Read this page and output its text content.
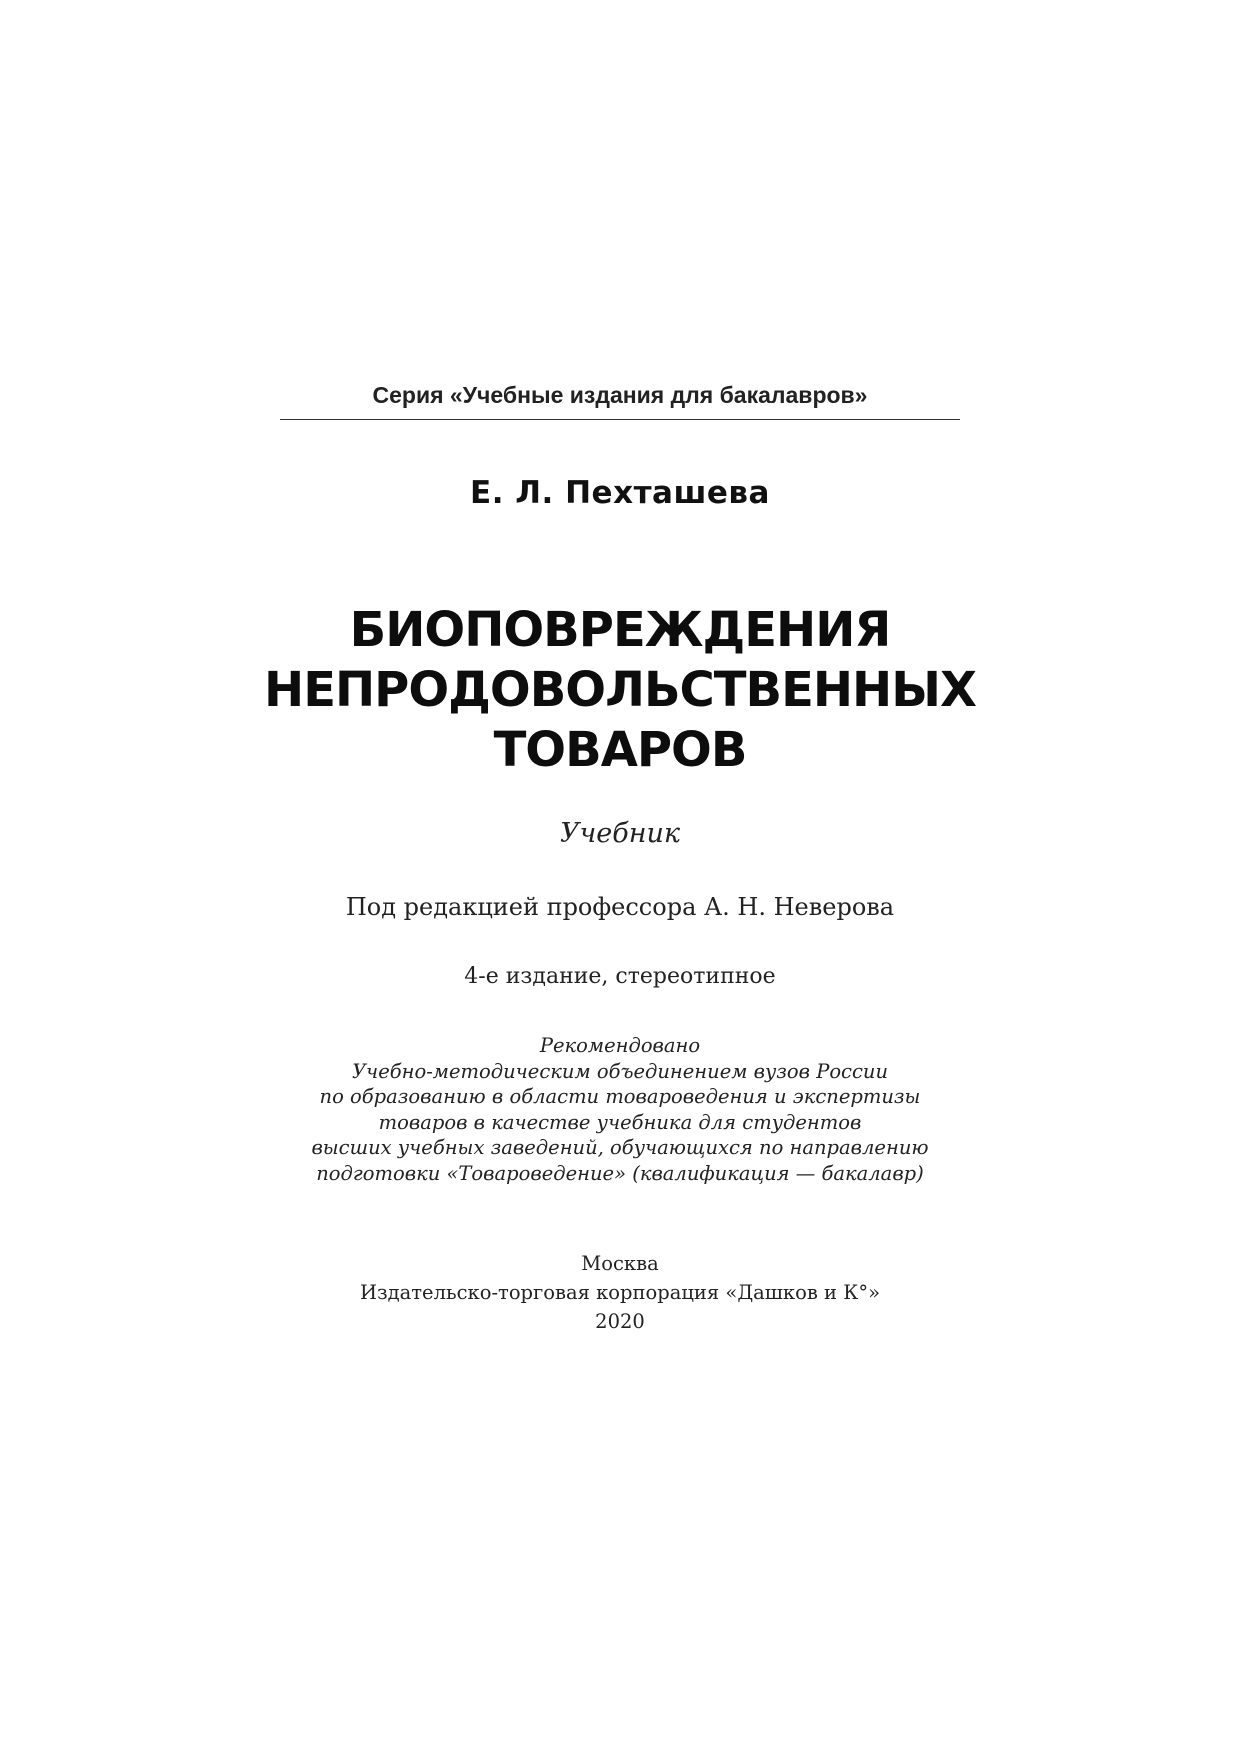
Серия «Учебные издания для бакалавров»
Е. Л. Пехташева
БИОПОВРЕЖДЕНИЯ
НЕПРОДОВОЛЬСТВЕННЫХ
ТОВАРОВ
Учебник
Под редакцией профессора А. Н. Неверова
4-е издание, стереотипное
Рекомендовано
Учебно-методическим объединением вузов России
по образованию в области товароведения и экспертизы
товаров в качестве учебника для студентов
высших учебных заведений, обучающихся по направлению
подготовки «Товароведение» (квалификация — бакалавр)
Москва
Издательско-торговая корпорация «Дашков и К°»
2020
